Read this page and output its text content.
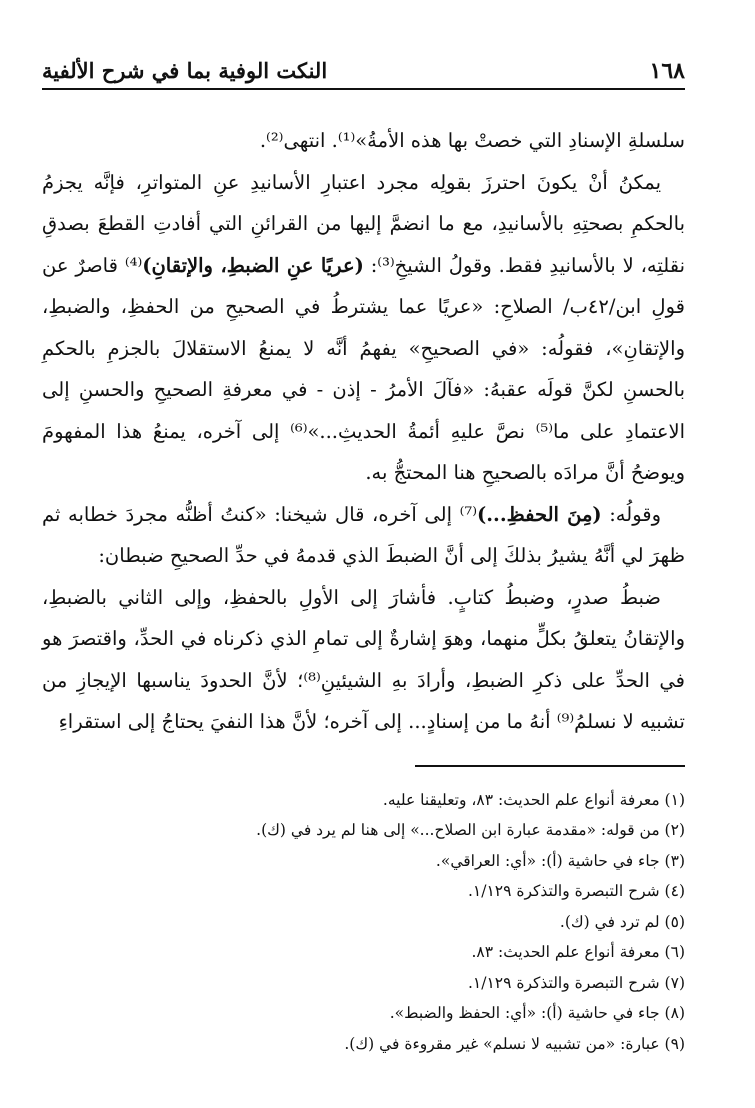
١٦٨
النكت الوفية بما في شرح الألفية

سلسلةِ الإسنادِ التي خصتْ بها هذه الأمةُ»⁽¹⁾. انتهى⁽²⁾.

يمكنُ أنْ يكونَ احترزَ بقولِه مجرد اعتبارِ الأسانيدِ عنِ المتواترِ، فإنَّه يجزمُ بالحكمِ بصحتِهِ بالأسانيدِ، مع ما انضمَّ إليها من القرائنِ التي أفادتِ القطعَ بصدقِ نقلتِه، لا بالأسانيدِ فقط. وقولُ الشيخِ⁽³⁾: (عريًا عنِ الضبطِ، والإتقانِ)⁽⁴⁾ قاصرٌ عن قولِ ابن/٤٢ب/ الصلاحِ: «عريًا عما يشترطُ في الصحيحِ من الحفظِ، والضبطِ، والإتقانِ»، فقولُه: «في الصحيحِ» يفهمُ أنَّه لا يمنعُ الاستقلالَ بالجزمِ بالحكمِ بالحسنِ لكنَّ قولَه عقبهُ: «فآلَ الأمرُ - إذن - في معرفةِ الصحيحِ والحسنِ إلى الاعتمادِ على ما⁽⁵⁾ نصَّ عليهِ أئمةُ الحديثِ...»⁽⁶⁾ إلى آخره، يمنعُ هذا المفهومَ ويوضحُ أنَّ مرادَه بالصحيحِ هنا المحتجُّ به.

وقولُه: (مِنَ الحفظِ...)⁽⁷⁾ إلى آخره، قال شيخنا: «كنتُ أظنُّه مجردَ خطابه ثم ظهرَ لي أنَّهُ يشيرُ بذلكَ إلى أنَّ الضبطَ الذي قدمهُ في حدِّ الصحيحِ ضبطان:

ضبطُ صدرٍ، وضبطُ كتابٍ. فأشارَ إلى الأولِ بالحفظِ، وإلى الثاني بالضبطِ، والإتقانُ يتعلقُ بكلٍّ منهما، وهوَ إشارةٌ إلى تمامِ الذي ذكرناه في الحدِّ، واقتصرَ هو في الحدِّ على ذكرِ الضبطِ، وأرادَ بهِ الشيئينِ⁽⁸⁾؛ لأنَّ الحدودَ يناسبها الإيجازِ من تشبيه لا نسلمُ⁽⁹⁾ أنهُ ما من إسنادٍ... إلى آخره؛ لأنَّ هذا النفيَ يحتاجُ إلى استقراءِ

(١) معرفة أنواع علم الحديث: ٨٣، وتعليقنا عليه.
(٢) من قوله: «مقدمة عبارة ابن الصلاح...» إلى هنا لم يرد في (ك).
(٣) جاء في حاشية (أ): «أي: العراقي».
(٤) شرح التبصرة والتذكرة ١/١٢٩.
(٥) لم ترد في (ك).
(٦) معرفة أنواع علم الحديث: ٨٣.
(٧) شرح التبصرة والتذكرة ١/١٢٩.
(٨) جاء في حاشية (أ): «أي: الحفظ والضبط».
(٩) عبارة: «من تشبيه لا نسلم» غير مقروءة في (ك).
